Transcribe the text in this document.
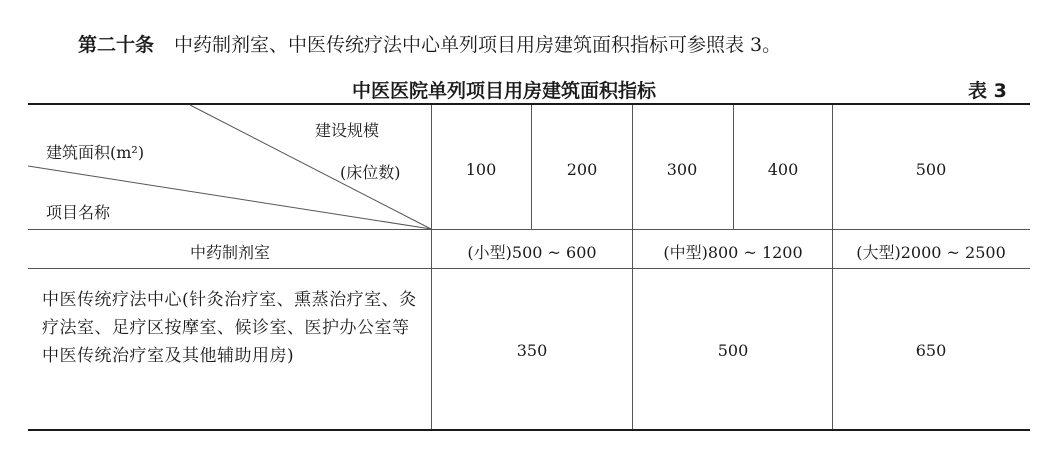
第二十条 中药制剂室、中医传统疗法中心单列项目用房建筑面积指标可参照表 3。
中医医院单列项目用房建筑面积指标	表 3
建设规模
建筑面积(m²)
(床位数)
项目名称
100	200	300	400	500
中药制剂室	(小型)500 ~ 600	(中型)800 ~ 1200	(大型)2000 ~ 2500
中医传统疗法中心(针灸治疗室、熏蒸治疗室、灸疗法室、足疗区按摩室、候诊室、医护办公室等中医传统治疗室及其他辅助用房)	350	500	650
